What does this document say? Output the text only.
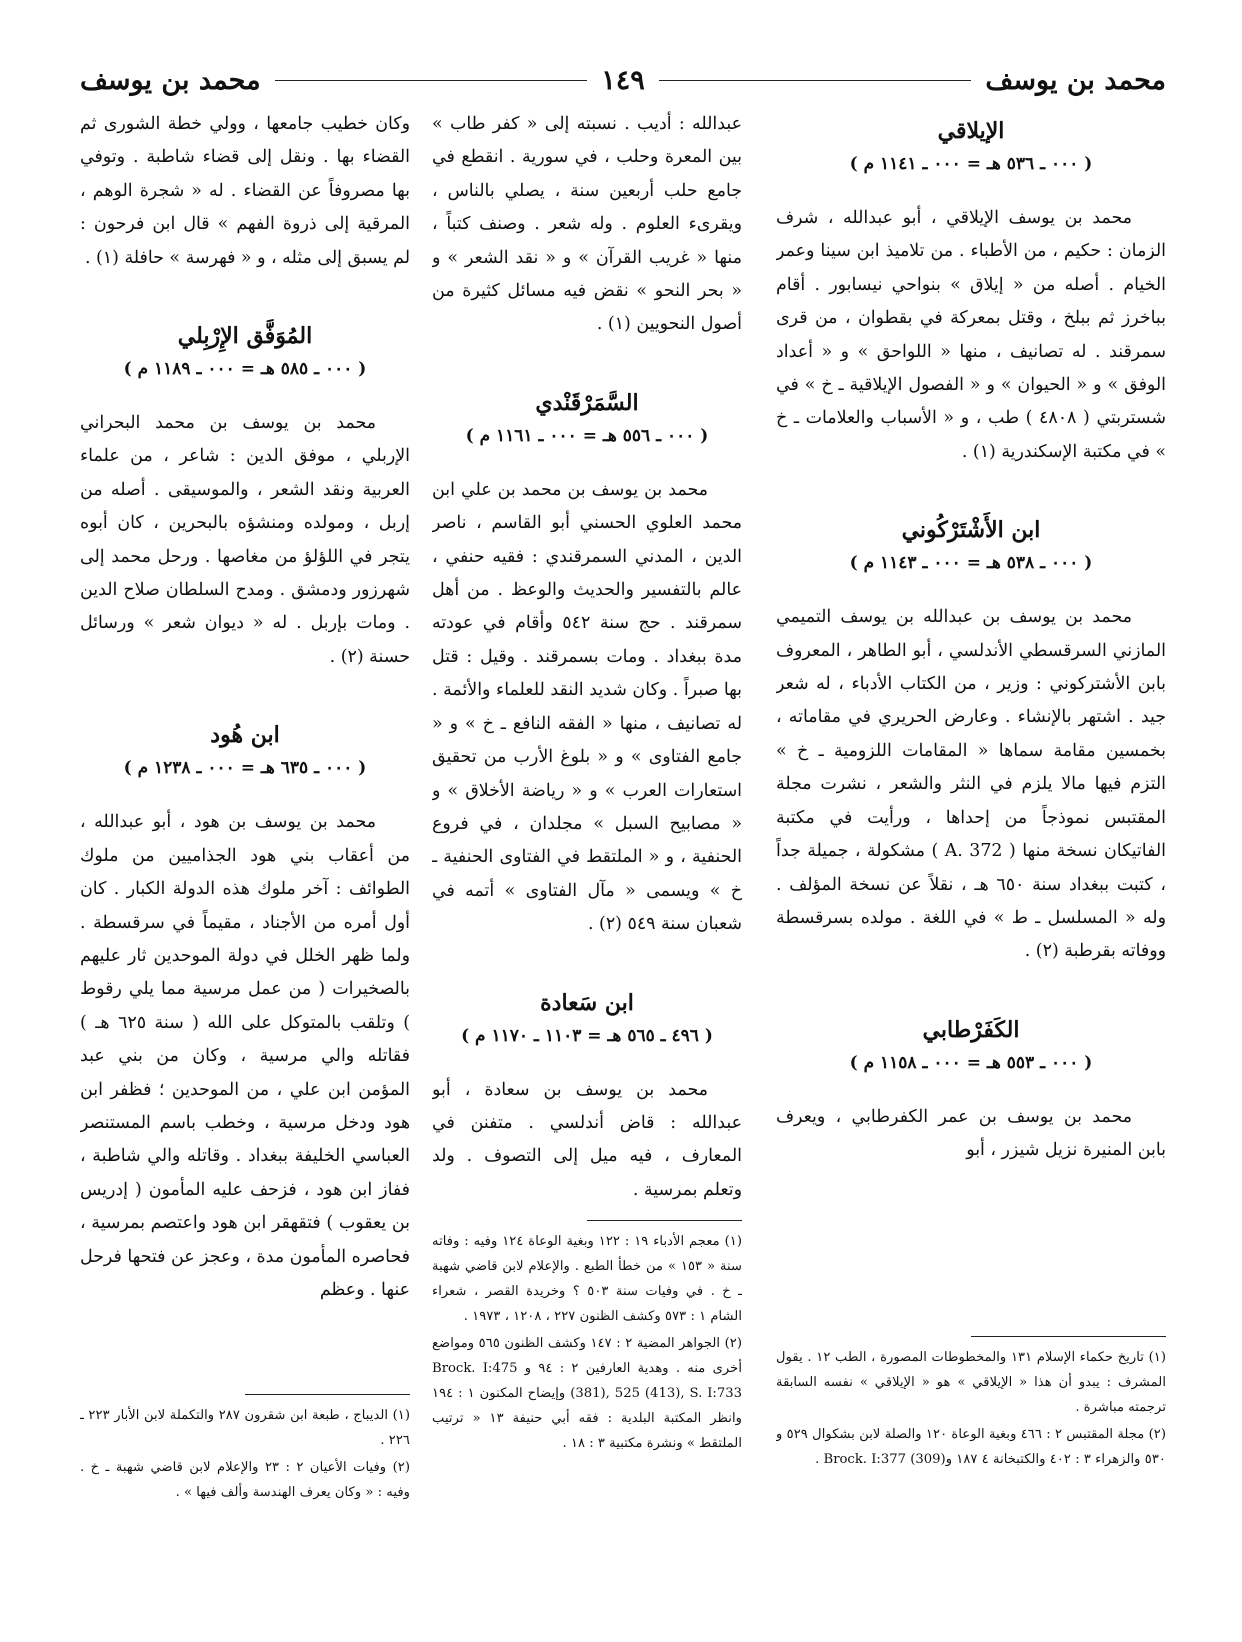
محمد بن يوسف
١٤٩
محمد بن يوسف
الإيلاقي
( ٠٠٠ ـ ٥٣٦ هـ = ٠٠٠ ـ ١١٤١ م )

محمد بن يوسف الإيلاقي ، أبو عبدالله ، شرف الزمان : حكيم ، من الأطباء . من تلاميذ ابن سينا وعمر الخيام . أصله من « إيلاق » بنواحي نيسابور . أقام بباخرز ثم ببلخ ، وقتل بمعركة في بقطوان ، من قرى سمرقند . له تصانيف ، منها « اللواحق » و « أعداد الوفق » و « الحيوان » و « الفصول الإيلاقية ـ خ » في شستربتي ( ٤٨٠٨ ) طب ، و « الأسباب والعلامات ـ خ » في مكتبة الإسكندرية (١) .

ابن الأَشْتَرْكُوني
( ٠٠٠ ـ ٥٣٨ هـ = ٠٠٠ ـ ١١٤٣ م )

محمد بن يوسف بن عبدالله بن يوسف التميمي المازني السرقسطي الأندلسي ، أبو الطاهر ، المعروف بابن الأشتركوني : وزير ، من الكتاب الأدباء ، له شعر جيد . اشتهر بالإنشاء . وعارض الحريري في مقاماته ، بخمسين مقامة سماها « المقامات اللزومية ـ خ » التزم فيها مالا يلزم في النثر والشعر ، نشرت مجلة المقتبس نموذجاً من إحداها ، ورأيت في مكتبة الفاتيكان نسخة منها ( A. 372 ) مشكولة ، جميلة جداً ، كتبت ببغداد سنة ٦٥٠ هـ ، نقلاً عن نسخة المؤلف . وله « المسلسل ـ ط » في اللغة . مولده بسرقسطة ووفاته بقرطبة (٢) .

الكَفَرْطابي
( ٠٠٠ ـ ٥٥٣ هـ = ٠٠٠ ـ ١١٥٨ م )

محمد بن يوسف بن عمر الكفرطابي ، ويعرف بابن المنيرة نزيل شيزر ، أبو

(١) تاريخ حكماء الإسلام ١٣١ والمخطوطات المصورة ، الطب ١٢ . يقول المشرف : يبدو أن هذا « الإيلاقي » هو « الإيلاقي » نفسه السابقة ترجمته مباشرة .

(٢) مجلة المقتبس ٢ : ٤٦٦ وبغية الوعاة ١٢٠ والصلة لابن بشكوال ٥٢٩ و ٥٣٠ والزهراء ٣ : ٤٠٢ والكتبخانة ٤ ١٨٧ و(309) Brock. I:377 .

عبدالله : أديب . نسبته إلى « كفر طاب » بين المعرة وحلب ، في سورية . انقطع في جامع حلب أربعين سنة ، يصلي بالناس ، ويقرىء العلوم . وله شعر . وصنف كتباً ، منها « غريب القرآن » و « نقد الشعر » و « بحر النحو » نقض فيه مسائل كثيرة من أصول النحويين (١) .

السَّمَرْقَنْدي
( ٠٠٠ ـ ٥٥٦ هـ = ٠٠٠ ـ ١١٦١ م )

محمد بن يوسف بن محمد بن علي ابن محمد العلوي الحسني أبو القاسم ، ناصر الدين ، المدني السمرقندي : فقيه حنفي ، عالم بالتفسير والحديث والوعظ . من أهل سمرقند . حج سنة ٥٤٢ وأقام في عودته مدة ببغداد . ومات بسمرقند . وقيل : قتل بها صبراً . وكان شديد النقد للعلماء والأئمة . له تصانيف ، منها « الفقه النافع ـ خ » و « جامع الفتاوى » و « بلوغ الأرب من تحقيق استعارات العرب » و « رياضة الأخلاق » و « مصابيح السبل » مجلدان ، في فروع الحنفية ، و « الملتقط في الفتاوى الحنفية ـ خ » ويسمى « مآل الفتاوى » أتمه في شعبان سنة ٥٤٩ (٢) .

ابن سَعادة
( ٤٩٦ ـ ٥٦٥ هـ = ١١٠٣ ـ ١١٧٠ م )

محمد بن يوسف بن سعادة ، أبو عبدالله : قاض أندلسي . متفنن في المعارف ، فيه ميل إلى التصوف . ولد وتعلم بمرسية .

(١) معجم الأدباء ١٩ : ١٢٢ وبغية الوعاة ١٢٤ وفيه : وفاته سنة « ١٥٣ » من خطأ الطبع . والإعلام لابن قاضي شهبة ـ خ . في وفيات سنة ٥٠٣ ؟ وخريدة القصر ، شعراء الشام ١ : ٥٧٣ وكشف الظنون ٢٢٧ ، ١٢٠٨ ، ١٩٧٣ .

(٢) الجواهر المضية ٢ : ١٤٧ وكشف الظنون ٥٦٥ ومواضع أخرى منه . وهدية العارفين ٢ : ٩٤ و Brock. I:475 (381), 525 (413), S. I:733 وإيضاح المكنون ١ : ١٩٤ وانظر المكتبة البلدية : فقه أبي حنيفة ١٣ « ترتيب الملتقط » ونشرة مكتبية ٣ : ١٨ .

وكان خطيب جامعها ، وولي خطة الشورى ثم القضاء بها . ونقل إلى قضاء شاطبة . وتوفي بها مصروفاً عن القضاء . له « شجرة الوهم ، المرقية إلى ذروة الفهم » قال ابن فرحون : لم يسبق إلى مثله ، و « فهرسة » حافلة (١) .

المُوَفَّق الإِرْبِلي
( ٠٠٠ ـ ٥٨٥ هـ = ٠٠٠ ـ ١١٨٩ م )

محمد بن يوسف بن محمد البحراني الإربلي ، موفق الدين : شاعر ، من علماء العربية ونقد الشعر ، والموسيقى . أصله من إربل ، ومولده ومنشؤه بالبحرين ، كان أبوه يتجر في اللؤلؤ من مغاصها . ورحل محمد إلى شهرزور ودمشق . ومدح السلطان صلاح الدين . ومات بإربل . له « ديوان شعر » ورسائل حسنة (٢) .

ابن هُود
( ٠٠٠ ـ ٦٣٥ هـ = ٠٠٠ ـ ١٢٣٨ م )

محمد بن يوسف بن هود ، أبو عبدالله ، من أعقاب بني هود الجذاميين من ملوك الطوائف : آخر ملوك هذه الدولة الكبار . كان أول أمره من الأجناد ، مقيماً في سرقسطة . ولما ظهر الخلل في دولة الموحدين ثار عليهم بالصخيرات ( من عمل مرسية مما يلي رقوط ) وتلقب بالمتوكل على الله ( سنة ٦٢٥ هـ ) فقاتله والي مرسية ، وكان من بني عبد المؤمن ابن علي ، من الموحدين ؛ فظفر ابن هود ودخل مرسية ، وخطب باسم المستنصر العباسي الخليفة ببغداد . وقاتله والي شاطبة ، ففاز ابن هود ، فزحف عليه المأمون ( إدريس بن يعقوب ) فتقهقر ابن هود واعتصم بمرسية ، فحاصره المأمون مدة ، وعجز عن فتحها فرحل عنها . وعظم

(١) الديباج ، طبعة ابن شقرون ٢٨٧ والتكملة لابن الأبار ٢٢٣ ـ ٢٢٦ .

(٢) وفيات الأعيان ٢ : ٢٣ والإعلام لابن قاضي شهبة ـ خ . وفيه : « وكان يعرف الهندسة وألف فيها » .
